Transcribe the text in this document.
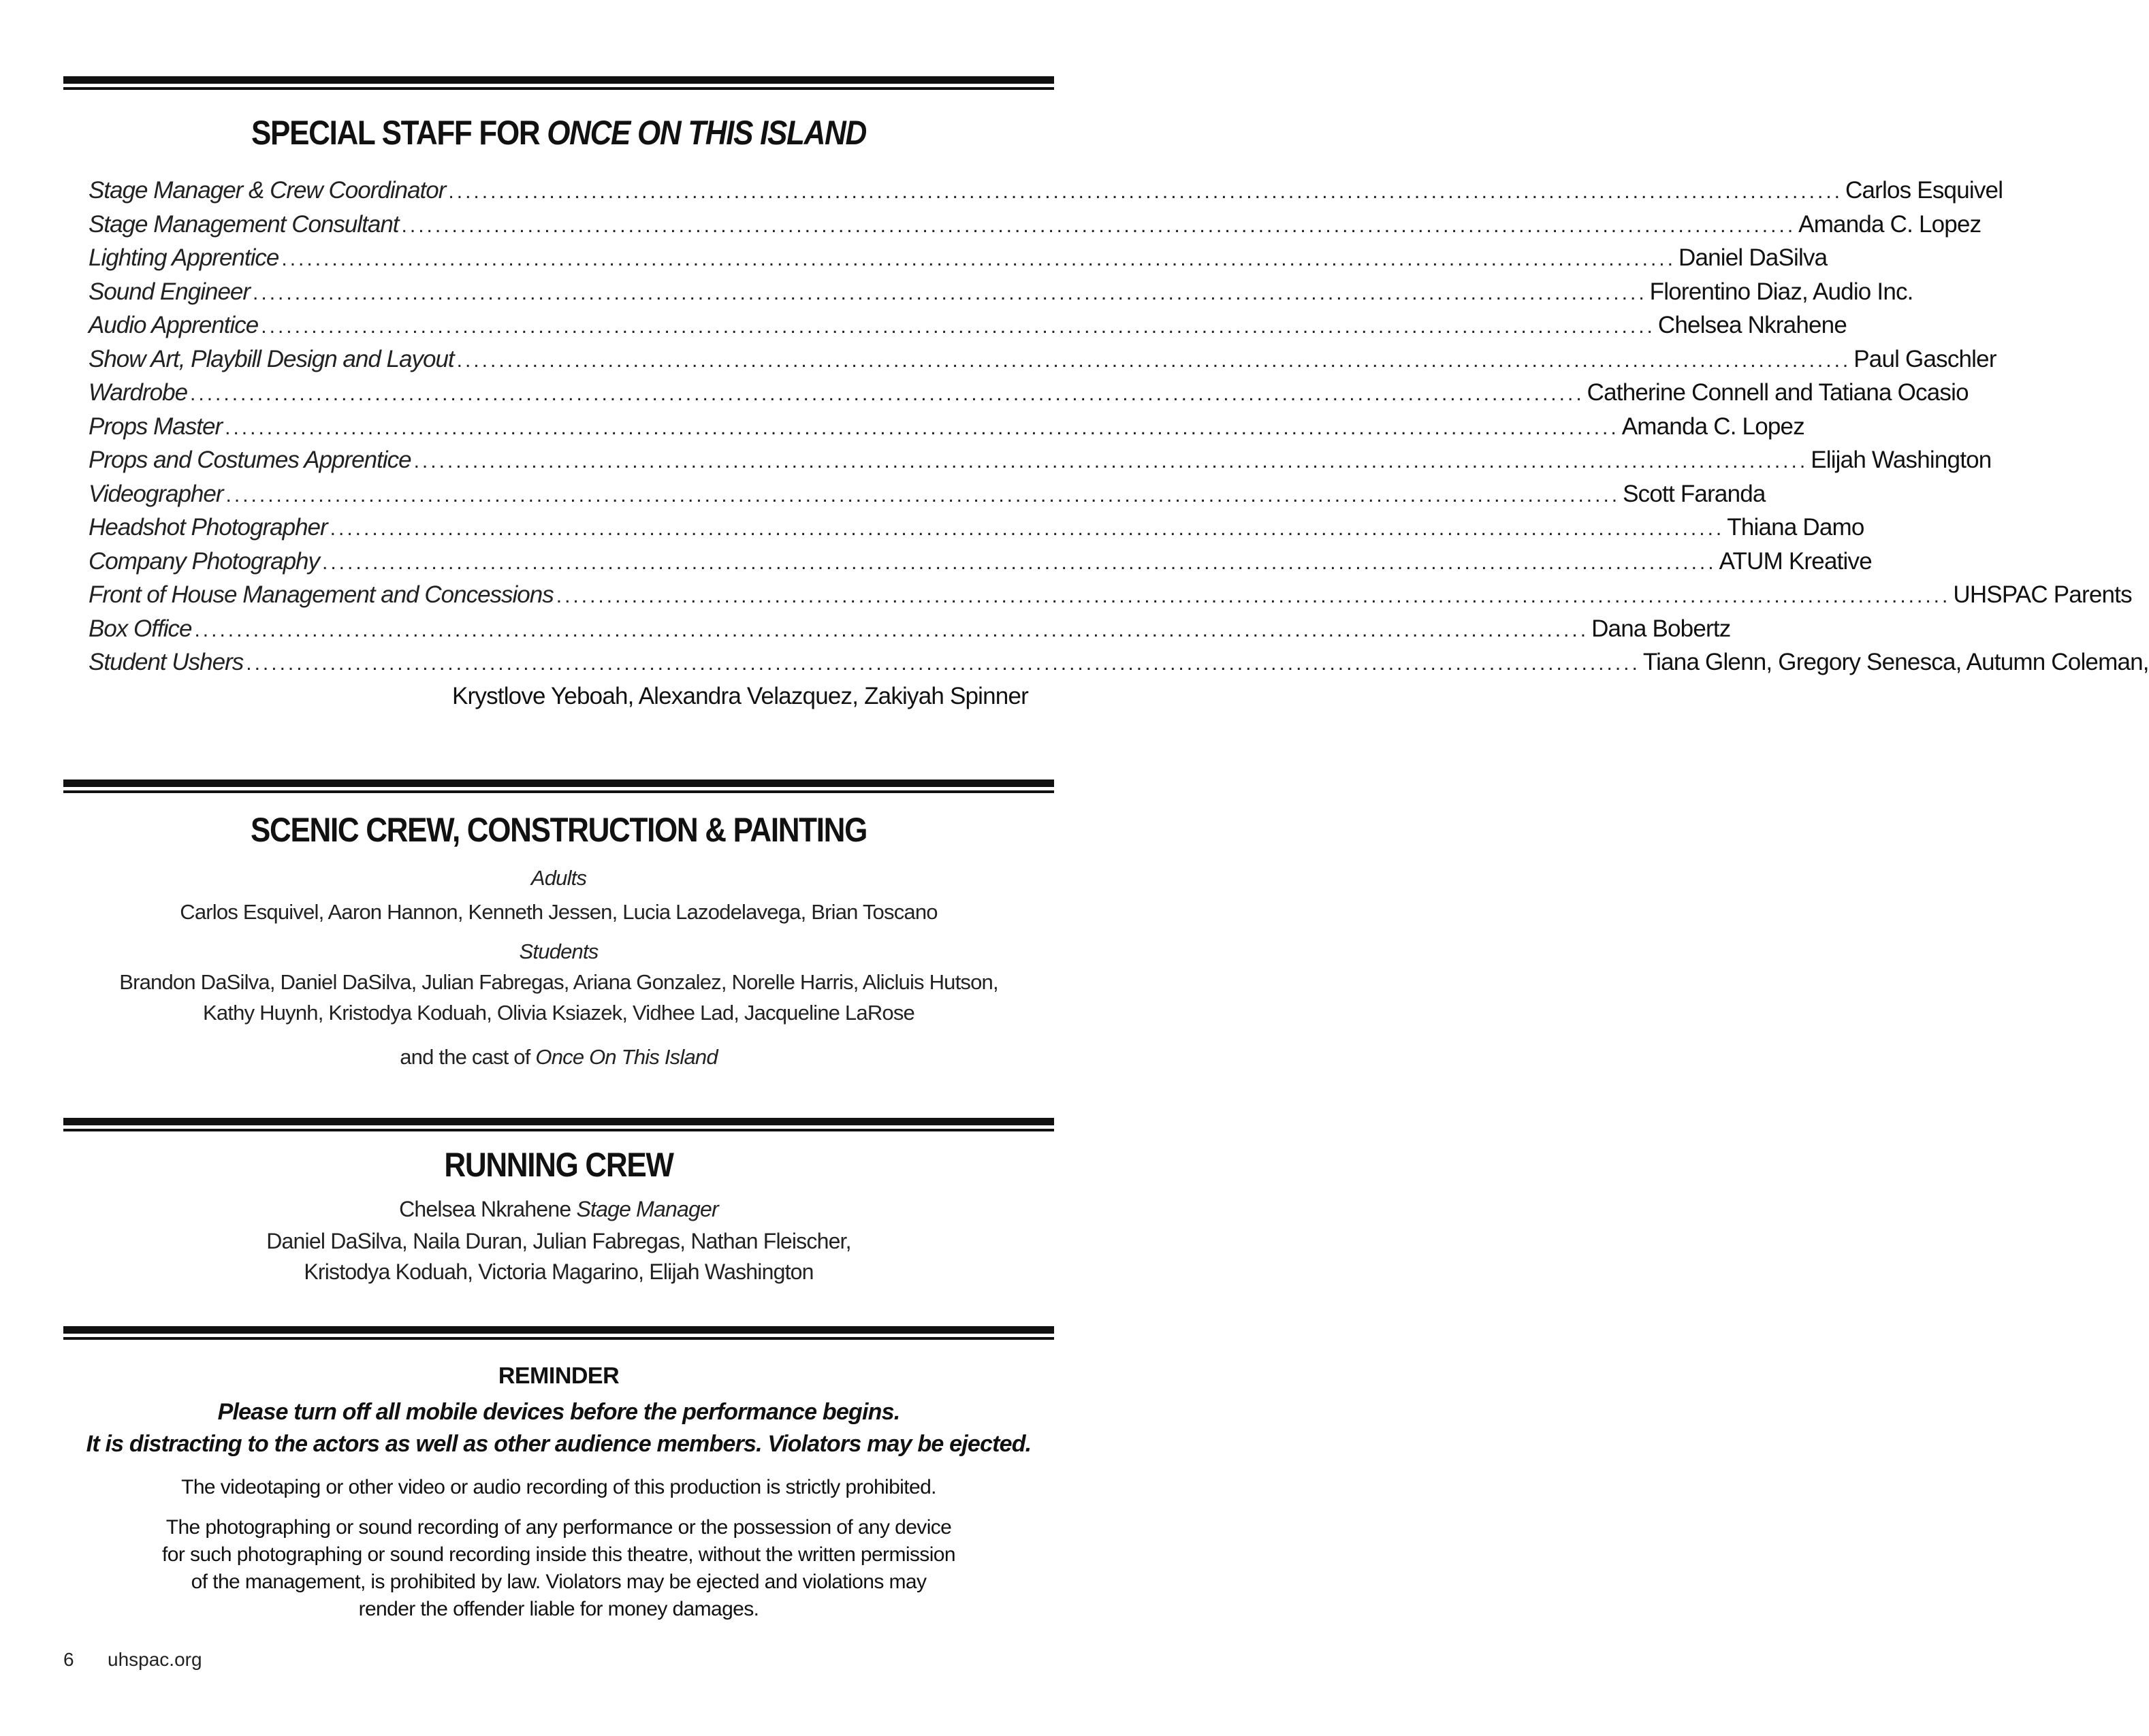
SPECIAL STAFF FOR ONCE ON THIS ISLAND
Stage Manager & Crew Coordinator ...................................................................................................................................................................... Carlos Esquivel
Stage Management Consultant ...................................................................................................................................................................... Amanda C. Lopez
Lighting Apprentice ...................................................................................................................................................................... Daniel DaSilva
Sound Engineer ...................................................................................................................................................................... Florentino Diaz, Audio Inc.
Audio Apprentice ...................................................................................................................................................................... Chelsea Nkrahene
Show Art, Playbill Design and Layout ...................................................................................................................................................................... Paul Gaschler
Wardrobe ...................................................................................................................................................................... Catherine Connell and Tatiana Ocasio
Props Master ...................................................................................................................................................................... Amanda C. Lopez
Props and Costumes Apprentice ...................................................................................................................................................................... Elijah Washington
Videographer ...................................................................................................................................................................... Scott Faranda
Headshot Photographer ...................................................................................................................................................................... Thiana Damo
Company Photography ...................................................................................................................................................................... ATUM Kreative
Front of House Management and Concessions ...................................................................................................................................................................... UHSPAC Parents
Box Office ...................................................................................................................................................................... Dana Bobertz
Student Ushers ...................................................................................................................................................................... Tiana Glenn, Gregory Senesca, Autumn Coleman,
Krystlove Yeboah, Alexandra Velazquez, Zakiyah Spinner
SCENIC CREW, CONSTRUCTION & PAINTING
Adults
Carlos Esquivel, Aaron Hannon, Kenneth Jessen, Lucia Lazodelavega, Brian Toscano
Students
Brandon DaSilva, Daniel DaSilva, Julian Fabregas, Ariana Gonzalez, Norelle Harris, Alicluis Hutson,
Kathy Huynh, Kristodya Koduah, Olivia Ksiazek, Vidhee Lad, Jacqueline LaRose
and the cast of Once On This Island
RUNNING CREW
Chelsea Nkrahene Stage Manager
Daniel DaSilva, Naila Duran, Julian Fabregas, Nathan Fleischer,
Kristodya Koduah, Victoria Magarino, Elijah Washington
REMINDER
Please turn off all mobile devices before the performance begins.
It is distracting to the actors as well as other audience members. Violators may be ejected.
The videotaping or other video or audio recording of this production is strictly prohibited.
The photographing or sound recording of any performance or the possession of any device
for such photographing or sound recording inside this theatre, without the written permission
of the management, is prohibited by law. Violators may be ejected and violations may
render the offender liable for money damages.
6 uhspac.org
